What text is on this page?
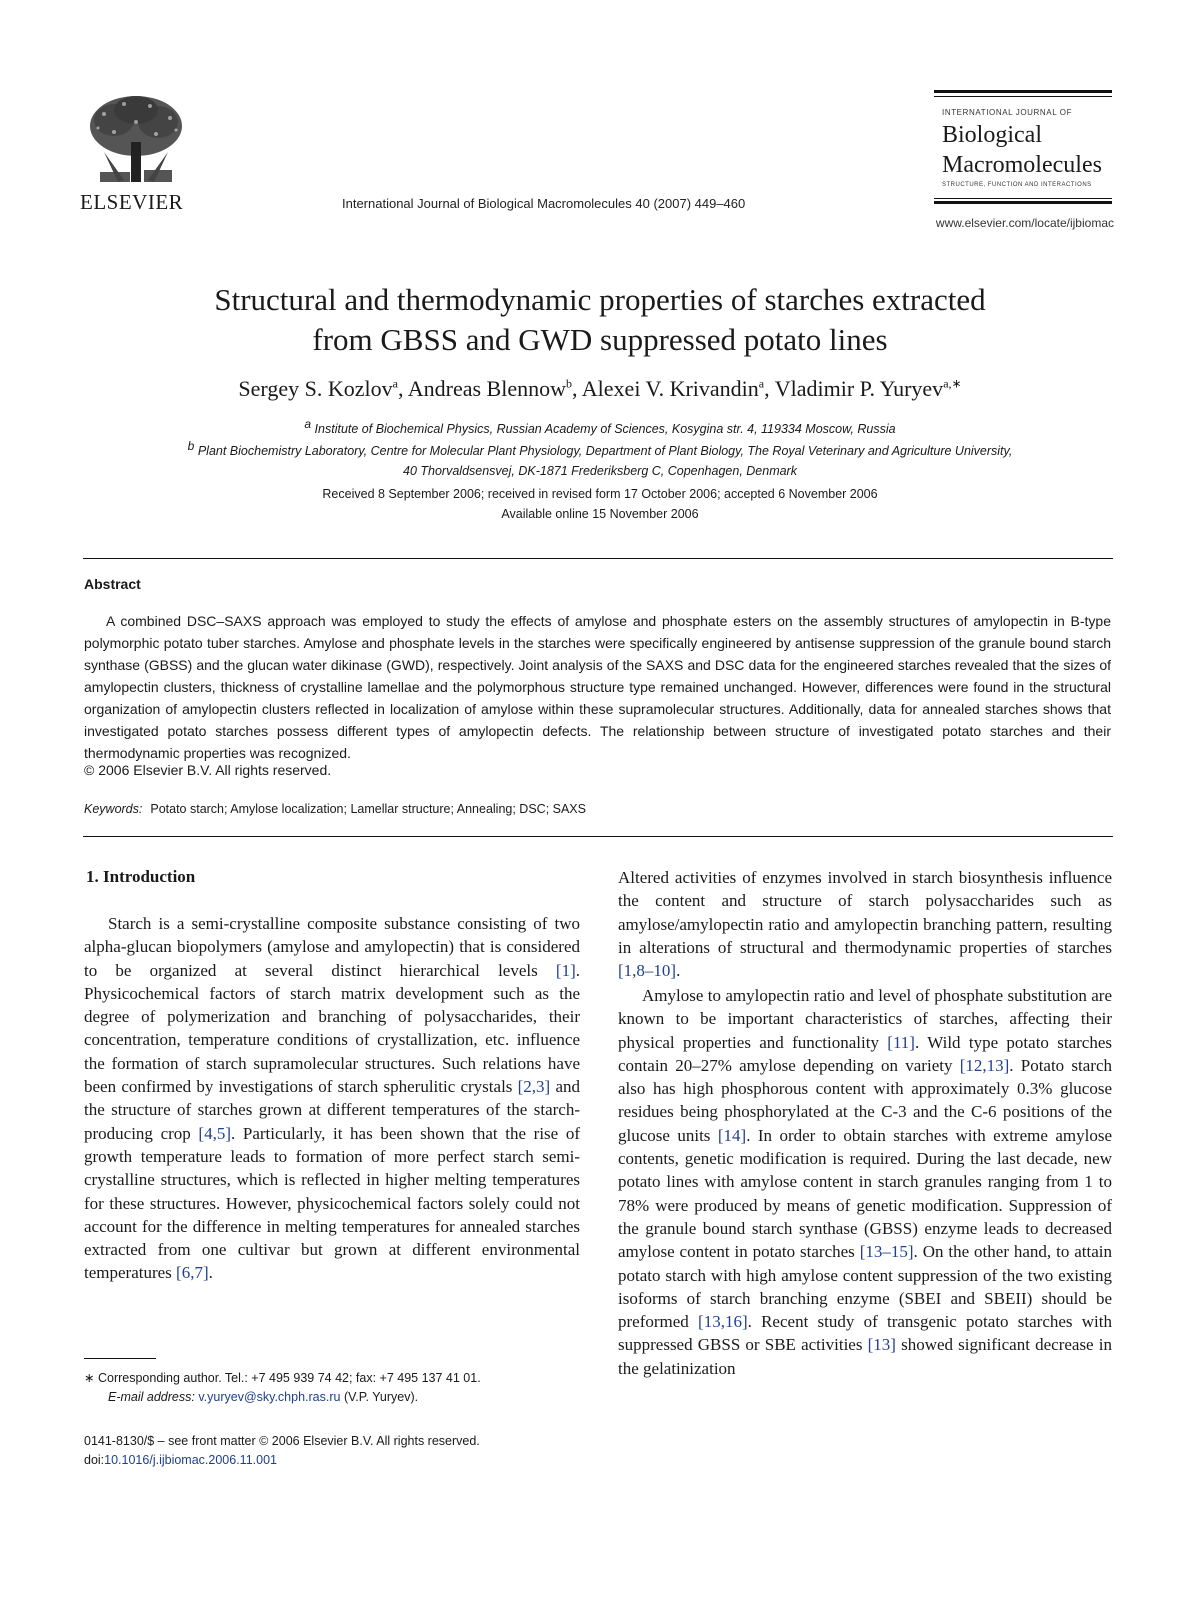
ELSEVIER	International Journal of Biological Macromolecules 40 (2007) 449–460
INTERNATIONAL JOURNAL OF
Biological
Macromolecules
STRUCTURE, FUNCTION AND INTERACTIONS
www.elsevier.com/locate/ijbiomac
Structural and thermodynamic properties of starches extracted
from GBSS and GWD suppressed potato lines
Sergey S. Kozlov$^a$, Andreas Blennow$^b$, Alexei V. Krivandin$^a$, Vladimir P. Yuryev$^{a,∗}$
$^a$ Institute of Biochemical Physics, Russian Academy of Sciences, Kosygina str. 4, 119334 Moscow, Russia
$^b$ Plant Biochemistry Laboratory, Centre for Molecular Plant Physiology, Department of Plant Biology, The Royal Veterinary and Agriculture University,
40 Thorvaldsensvej, DK-1871 Frederiksberg C, Copenhagen, Denmark
Received 8 September 2006; received in revised form 17 October 2006; accepted 6 November 2006
Available online 15 November 2006
Abstract

A combined DSC–SAXS approach was employed to study the effects of amylose and phosphate esters on the assembly structures of amylopectin in B-type polymorphic potato tuber starches. Amylose and phosphate levels in the starches were specifically engineered by antisense suppression of the granule bound starch synthase (GBSS) and the glucan water dikinase (GWD), respectively. Joint analysis of the SAXS and DSC data for the engineered starches revealed that the sizes of amylopectin clusters, thickness of crystalline lamellae and the polymorphous structure type remained unchanged. However, differences were found in the structural organization of amylopectin clusters reflected in localization of amylose within these supramolecular structures. Additionally, data for annealed starches shows that investigated potato starches possess different types of amylopectin defects. The relationship between structure of investigated potato starches and their thermodynamic properties was recognized.

© 2006 Elsevier B.V. All rights reserved.
Keywords: Potato starch; Amylose localization; Lamellar structure; Annealing; DSC; SAXS
1. Introduction

Starch is a semi-crystalline composite substance consisting of two alpha-glucan biopolymers (amylose and amylopectin) that is considered to be organized at several distinct hierarchical levels [1]. Physicochemical factors of starch matrix development such as the degree of polymerization and branching of polysaccharides, their concentration, temperature conditions of crystallization, etc. influence the formation of starch supramolecular structures. Such relations have been confirmed by investigations of starch spherulitic crystals [2,3] and the structure of starches grown at different temperatures of the starch-producing crop [4,5]. Particularly, it has been shown that the rise of growth temperature leads to formation of more perfect starch semi-crystalline structures, which is reflected in higher melting temperatures for these structures. However, physicochemical factors solely could not account for the difference in melting temperatures for annealed starches extracted from one cultivar but grown at different environmental temperatures [6,7].

Altered activities of enzymes involved in starch biosynthesis influence the content and structure of starch polysaccharides such as amylose/amylopectin ratio and amylopectin branching pattern, resulting in alterations of structural and thermodynamic properties of starches [1,8–10].

Amylose to amylopectin ratio and level of phosphate substitution are known to be important characteristics of starches, affecting their physical properties and functionality [11]. Wild type potato starches contain 20–27% amylose depending on variety [12,13]. Potato starch also has high phosphorous content with approximately 0.3% glucose residues being phosphorylated at the C-3 and the C-6 positions of the glucose units [14]. In order to obtain starches with extreme amylose contents, genetic modification is required. During the last decade, new potato lines with amylose content in starch granules ranging from 1 to 78% were produced by means of genetic modification. Suppression of the granule bound starch synthase (GBSS) enzyme leads to decreased amylose content in potato starches [13–15]. On the other hand, to attain potato starch with high amylose content suppression of the two existing isoforms of starch branching enzyme (SBEI and SBEII) should be preformed [13,16]. Recent study of transgenic potato starches with suppressed GBSS or SBE activities [13] showed significant decrease in the gelatinization

∗ Corresponding author. Tel.: +7 495 939 74 42; fax: +7 495 137 41 01.
E-mail address: v.yuryev@sky.chph.ras.ru (V.P. Yuryev).
0141-8130/$ – see front matter © 2006 Elsevier B.V. All rights reserved.
doi:10.1016/j.ijbiomac.2006.11.001
